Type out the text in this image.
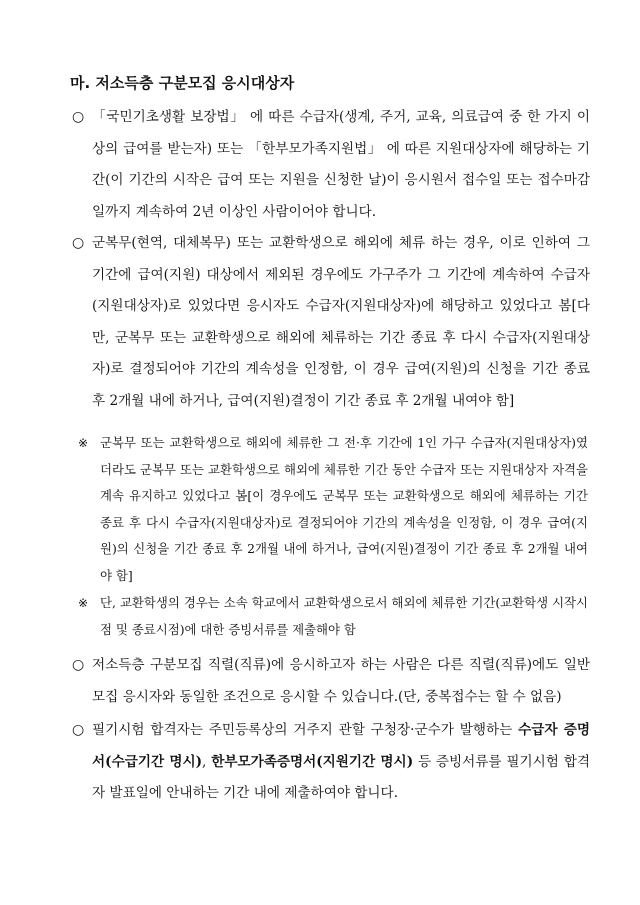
마. 저소득층 구분모집 응시대상자
○ 「국민기초생활 보장법」 에 따른 수급자(생계, 주거, 교육, 의료급여 중 한 가지 이상의 급여를 받는자) 또는 「한부모가족지원법」 에 따른 지원대상자에 해당하는 기간(이 기간의 시작은 급여 또는 지원을 신청한 날)이 응시원서 접수일 또는 접수마감일까지 계속하여 2년 이상인 사람이어야 합니다.
○ 군복무(현역, 대체복무) 또는 교환학생으로 해외에 체류 하는 경우, 이로 인하여 그 기간에 급여(지원) 대상에서 제외된 경우에도 가구주가 그 기간에 계속하여 수급자(지원대상자)로 있었다면 응시자도 수급자(지원대상자)에 해당하고 있었다고 봄[다만, 군복무 또는 교환학생으로 해외에 체류하는 기간 종료 후 다시 수급자(지원대상자)로 결정되어야 기간의 계속성을 인정함, 이 경우 급여(지원)의 신청을 기간 종료 후 2개월 내에 하거나, 급여(지원)결정이 기간 종료 후 2개월 내여야 함]
※ 군복무 또는 교환학생으로 해외에 체류한 그 전·후 기간에 1인 가구 수급자(지원대상자)였더라도 군복무 또는 교환학생으로 해외에 체류한 기간 동안 수급자 또는 지원대상자 자격을 계속 유지하고 있었다고 봄[이 경우에도 군복무 또는 교환학생으로 해외에 체류하는 기간 종료 후 다시 수급자(지원대상자)로 결정되어야 기간의 계속성을 인정함, 이 경우 급여(지원)의 신청을 기간 종료 후 2개월 내에 하거나, 급여(지원)결정이 기간 종료 후 2개월 내여야 함]
※ 단, 교환학생의 경우는 소속 학교에서 교환학생으로서 해외에 체류한 기간(교환학생 시작시점 및 종료시점)에 대한 증빙서류를 제출해야 함
○ 저소득층 구분모집 직렬(직류)에 응시하고자 하는 사람은 다른 직렬(직류)에도 일반모집 응시자와 동일한 조건으로 응시할 수 있습니다.(단, 중복접수는 할 수 없음)
○ 필기시험 합격자는 주민등록상의 거주지 관할 구청장·군수가 발행하는 수급자 증명서(수급기간 명시), 한부모가족증명서(지원기간 명시) 등 증빙서류를 필기시험 합격자 발표일에 안내하는 기간 내에 제출하여야 합니다.
